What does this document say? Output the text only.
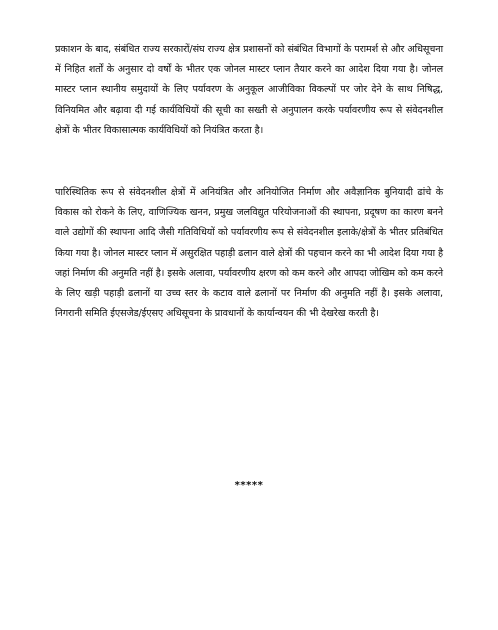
प्रकाशन के बाद, संबंधित राज्य सरकारों/संघ राज्य क्षेत्र प्रशासनों को संबंधित विभागों के परामर्श से और अधिसूचना में निहित शर्तों के अनुसार दो वर्षों के भीतर एक जोनल मास्टर प्लान तैयार करने का आदेश दिया गया है। जोनल मास्टर प्लान स्थानीय समुदायों के लिए पर्यावरण के अनुकूल आजीविका विकल्पों पर जोर देने के साथ निषिद्ध, विनियमित और बढ़ावा दी गई कार्यविधियों की सूची का सख्ती से अनुपालन करके पर्यावरणीय रूप से संवेदनशील क्षेत्रों के भीतर विकासात्मक कार्यविधियों को नियंत्रित करता है।

पारिस्थितिक रूप से संवेदनशील क्षेत्रों में अनियंत्रित और अनियोजित निर्माण और अवैज्ञानिक बुनियादी ढांचे के विकास को रोकने के लिए, वाणिज्यिक खनन, प्रमुख जलविद्युत परियोजनाओं की स्थापना, प्रदूषण का कारण बनने वाले उद्योगों की स्थापना आदि जैसी गतिविधियों को पर्यावरणीय रूप से संवेदनशील इलाके/क्षेत्रों के भीतर प्रतिबंधित किया गया है। जोनल मास्टर प्लान में असुरक्षित पहाड़ी ढलान वाले क्षेत्रों की पहचान करने का भी आदेश दिया गया है जहां निर्माण की अनुमति नहीं है। इसके अलावा, पर्यावरणीय क्षरण को कम करने और आपदा जोखिम को कम करने के लिए खड़ी पहाड़ी ढलानों या उच्च स्तर के कटाव वाले ढलानों पर निर्माण की अनुमति नहीं है। इसके अलावा, निगरानी समिति ईएसजेड/ईएसए अधिसूचना के प्रावधानों के कार्यान्वयन की भी देखरेख करती है।

*****
